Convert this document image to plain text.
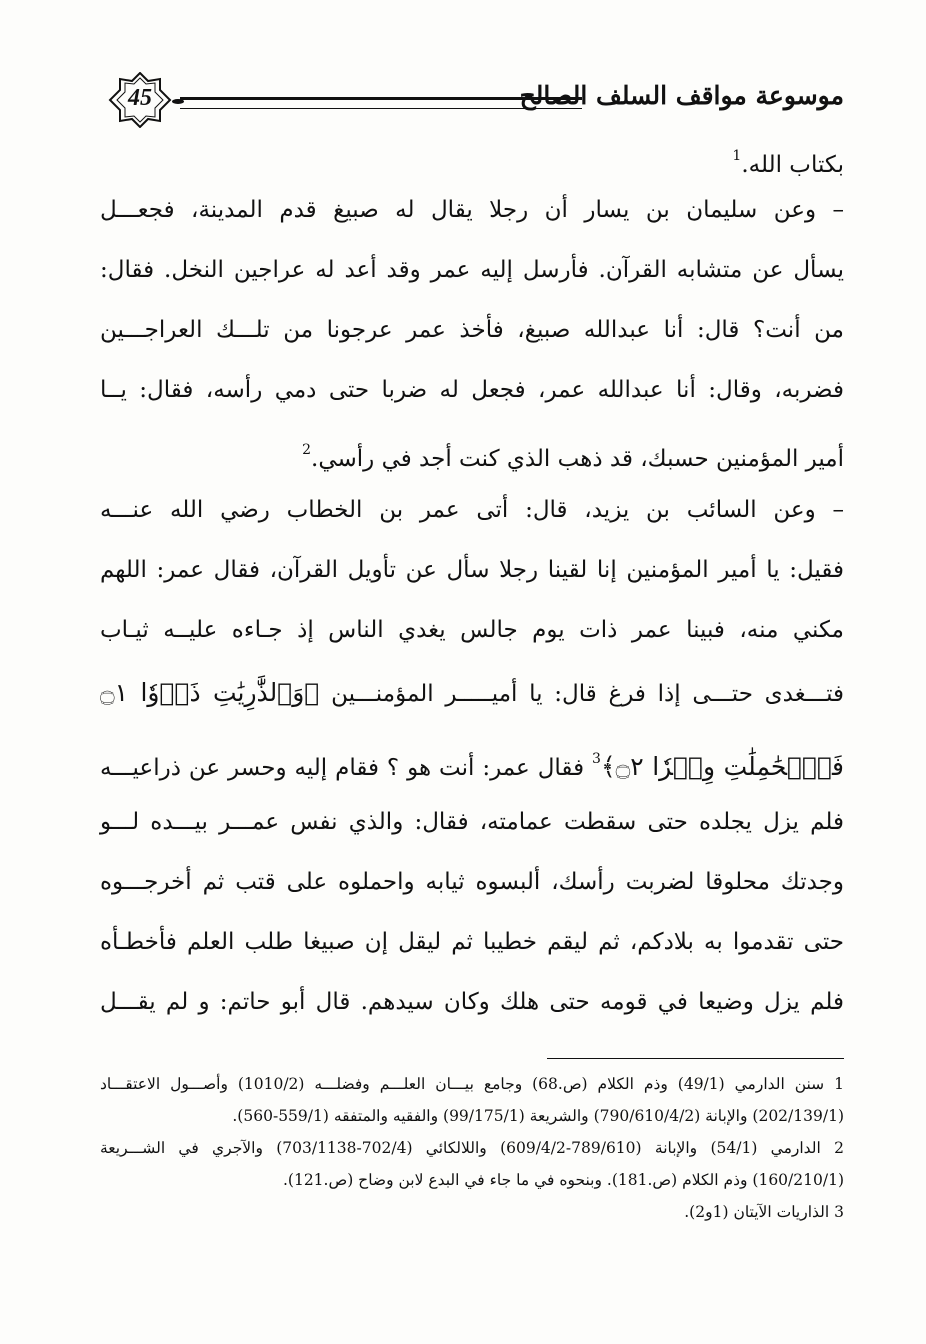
45	موسوعة مواقف السلف الصالح
بكتاب الله.$^1$
– وعن سليمان بن يسار أن رجلا يقال له صبيغ قدم المدينة، فجعـــل
يسأل عن متشابه القرآن. فأرسل إليه عمر وقد أعد له عراجين النخل. فقال:
من أنت؟ قال: أنا عبدالله صبيغ، فأخذ عمر عرجونا من تلـــك العراجـــين
فضربه، وقال: أنا عبدالله عمر، فجعل له ضربا حتى دمي رأسه، فقال: يــا
أمير المؤمنين حسبك، قد ذهب الذي كنت أجد في رأسي.$^2$
– وعن السائب بن يزيد، قال: أتى عمر بن الخطاب رضي الله عنـــه
فقيل: يا أمير المؤمنين إنا لقينا رجلا سأل عن تأويل القرآن، فقال عمر: اللهم
مكني منه، فبينا عمر ذات يوم جالس يغدي الناس إذ جـاءه عليــه ثيـاب
فتـــغدى حتـــى إذا فرغ قال: يا أميـــــر المؤمنـــين ﴿وَٱلذَّٰرِيَٰتِ ذَرۡوٗا ۝١
فَٱلۡحَٰمِلَٰتِ وِقۡرٗا ۝٢﴾$^3$ فقال عمر: أنت هو ؟ فقام إليه وحسر عن ذراعيـــه
فلم يزل يجلده حتى سقطت عمامته، فقال: والذي نفس عمـــر بيـــده لـــو
وجدتك محلوقا لضربت رأسك، ألبسوه ثيابه واحملوه على قتب ثم أخرجـــوه
حتى تقدموا به بلادكم، ثم ليقم خطيبا ثم ليقل إن صبيغا طلب العلم فأخطـأه
فلم يزل وضيعا في قومه حتى هلك وكان سيدهم. قال أبو حاتم: و لم يقـــل
1 سنن الدارمي (49/1) وذم الكلام (ص.68) وجامع بيـــان العلـــم وفضلـــه (1010/2) وأصـــول الاعتقـــاد
(202/139/1) والإبانة (790/610/4/2) والشريعة (99/175/1) والفقيه والمتفقه (559/1-560).
2 الدارمي (54/1) والإبانة (789/610-609/4/2) واللالكائي (702/4-703/1138) والآجري في الشـــريعة
(160/210/1) وذم الكلام (ص.181). وبنحوه في ما جاء في البدع لابن وضاح (ص.121).
3 الذاريات الآيتان (1و2).
